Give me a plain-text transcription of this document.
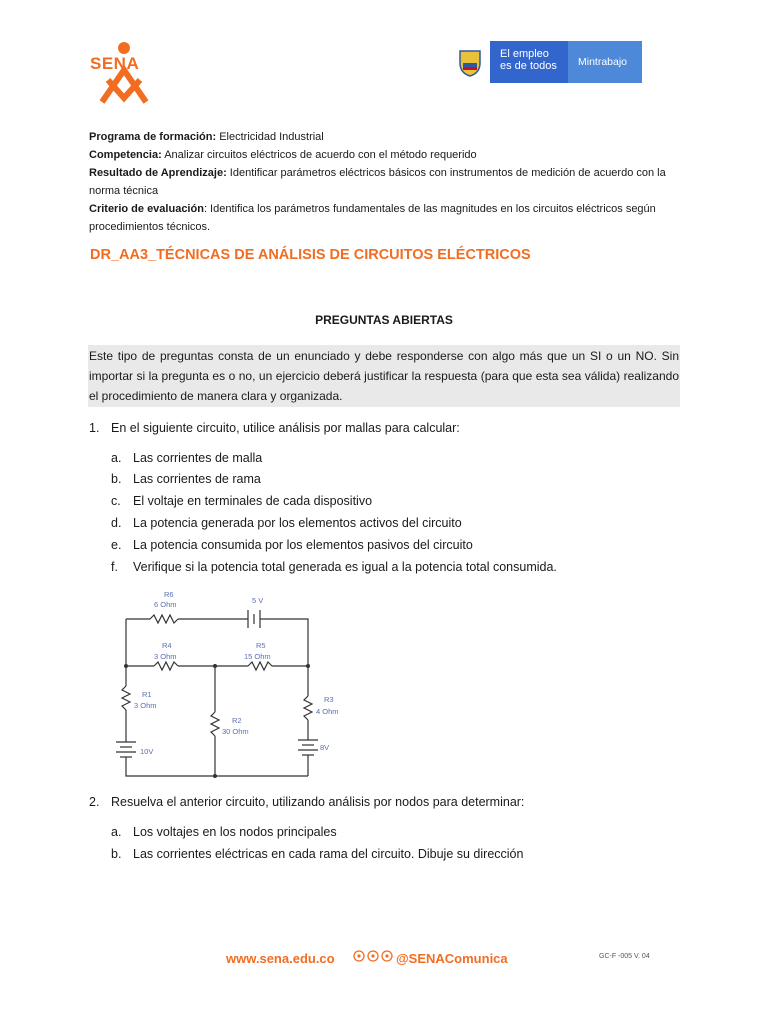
SENA	El empleo
es de todos	Mintrabajo

Programa de formación: Electricidad Industrial

Competencia: Analizar circuitos eléctricos de acuerdo con el método requerido

Resultado de Aprendizaje: Identificar parámetros eléctricos básicos con instrumentos de medición de acuerdo con la norma técnica

Criterio de evaluación: Identifica los parámetros fundamentales de las magnitudes en los circuitos eléctricos según procedimientos técnicos.

DR_AA3_TÉCNICAS DE ANÁLISIS DE CIRCUITOS ELÉCTRICOS
PREGUNTAS ABIERTAS
Este tipo de preguntas consta de un enunciado y debe responderse con algo más que un SI o un NO. Sin importar si la pregunta es o no, un ejercicio deberá justificar la respuesta (para que esta sea válida) realizando el procedimiento de manera clara y organizada.
1. En el siguiente circuito, utilice análisis por mallas para calcular:
a. Las corrientes de malla
b. Las corrientes de rama
c. El voltaje en terminales de cada dispositivo
d. La potencia generada por los elementos activos del circuito
e. La potencia consumida por los elementos pasivos del circuito
f. Verifique si la potencia total generada es igual a la potencia total consumida.
R6
6 Ohm	5 V
R4
3 Ohm
R5
15 Ohm
R1
3 Ohm
R2
30 Ohm
R3
4 Ohm
10V	8V
2. Resuelva el anterior circuito, utilizando análisis por nodos para determinar:
a. Los voltajes en los nodos principales
b. Las corrientes eléctricas en cada rama del circuito. Dibuje su dirección
www.sena.edu.co	@SENAComunica	GC-F -005 V. 04
